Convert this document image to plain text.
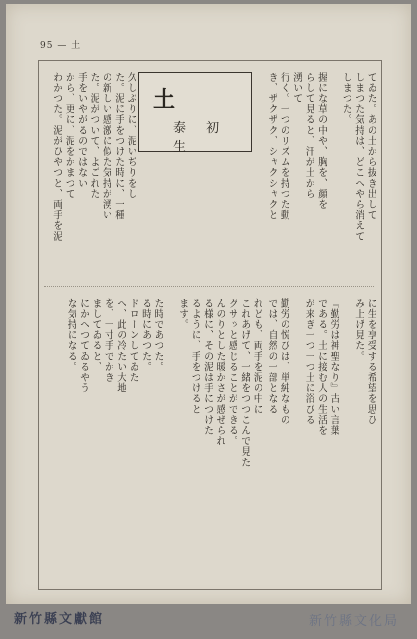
95 — 土
土
泰 初 生
新竹縣文獻館	新竹縣文化局
てゐた。あの土から抜き出して
しまつた気持は、どこへやら消えて
しまつた。
握にな草の中や、胸を、顔を
らして見ると、汗が土から
湧いて
行く。一つのリズムを持つた動
き、ザクザク、シャクシャクと
久しぶりに、泥いぢりをし
た。泥に手をつけた時に、一種
の新しい感激に似た気持が湧い
た。泥がついて、よごれた
手をいやがるのではない
から、更に、泥をかまつて
わかつた。泥がひやつと、両手を泥
に生を享受する希望を思ひ
み上げ見た。
『勤労は神聖なり』古い言葉
である。土に接む人の生活を
が来ぎ一つ一つ土に浴びる
勤労の悦びは、単純なもの
では、自然の一部となる
れども、両手を泥の中に
これあげて、一緒をつつこんで見た
グサッと感じることができる。
んのりとした暖かさが感ぜられ
る様に、その泥は手につけた
るように、手をつけると
ます。
た時であつた。
る時にあつた。
ドローンしてゐた
へ、此の冷たい大地
を、一寸手でかき
ましてゐると、
にかへつてゐるやう
な気持になる。
